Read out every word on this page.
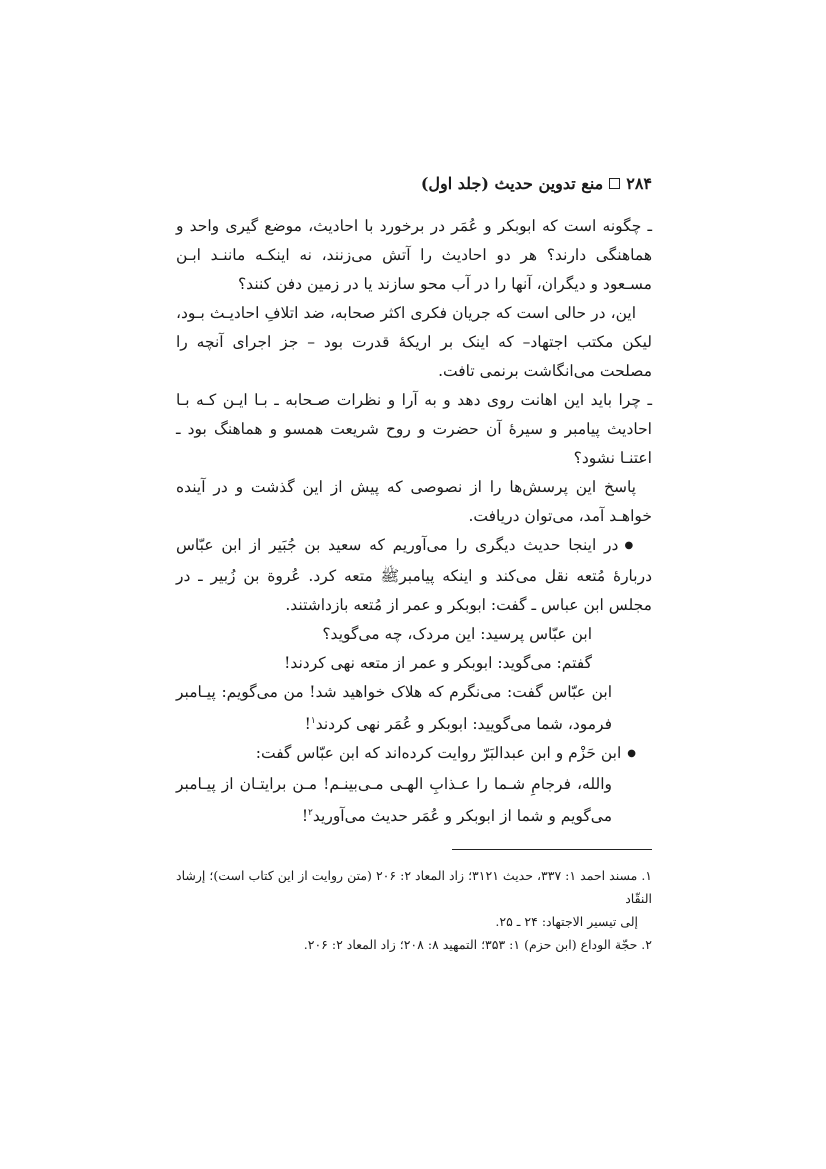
۲۸۴
منع تدوین حدیث (جلد اول)

ـ چگونه است که ابوبکر و عُمَر در برخورد با احادیث، موضع گیری واحد و هماهنگی دارند؟ هر دو احادیث را آتش می‌زنند، نه اینکـه ماننـد ابـن مسـعود و دیگران، آنها را در آب محو سازند یا در زمین دفن کنند؟

این، در حالی است که جریان فکری اکثر صحابه، ضد اتلافِ احادیـث بـود، لیکن مکتب اجتهاد– که اینک بر اریکهٔ قدرت بود – جز اجرای آنچه را مصلحت می‌انگاشت برنمی تافت.

ـ چرا باید این اهانت روی دهد و به آرا و نظرات صـحابه ـ بـا ایـن کـه بـا احادیث پیامبر و سیرهٔ آن حضرت و روح شریعت همسو و هماهنگ بود ـ اعتنـا نشود؟

پاسخ این پرسش‌ها را از نصوصی که پیش از این گذشت و در آینده خواهـد آمد، می‌توان دریافت.

● در اینجا حدیث دیگری را می‌آوریم که سعید بن جُبَیر از ابن عبّاس دربارهٔ مُتعه نقل می‌کند و اینکه پیامبرﷺ متعه کرد. عُروة بن زُبیر ـ در مجلس ابن عباس ـ گفت: ابوبکر و عمر از مُتعه بازداشتند.

ابن عبّاس پرسید: این مردک، چه می‌گوید؟

گفتم: می‌گوید: ابوبکر و عمر از متعه نهی کردند!

ابن عبّاس گفت: می‌نگرم که هلاک خواهید شد! من می‌گویم: پیـامبر فرمود، شما می‌گویید: ابوبکر و عُمَر نهی کردند$^۱$!

● ابن حَزْم و ابن عبدالبَرّ روایت کرده‌اند که ابن عبّاس گفت:

والله، فرجامِ شـما را عـذابِ الهـی مـی‌بینـم! مـن برایتـان از پیـامبر می‌گویم و شما از ابوبکر و عُمَر حدیث می‌آورید$^۲$!

۱. مسند احمد ۱: ۳۳۷، حدیث ۳۱۲۱؛ زاد المعاد ۲: ۲۰۶ (متن روایت از این کتاب است)؛ إرشاد النقّاد

إلی تیسیر الاجتهاد: ۲۴ ـ ۲۵.

۲. حجّة الوداع (ابن حزم) ۱: ۳۵۳؛ التمهید ۸: ۲۰۸؛ زاد المعاد ۲: ۲۰۶.
